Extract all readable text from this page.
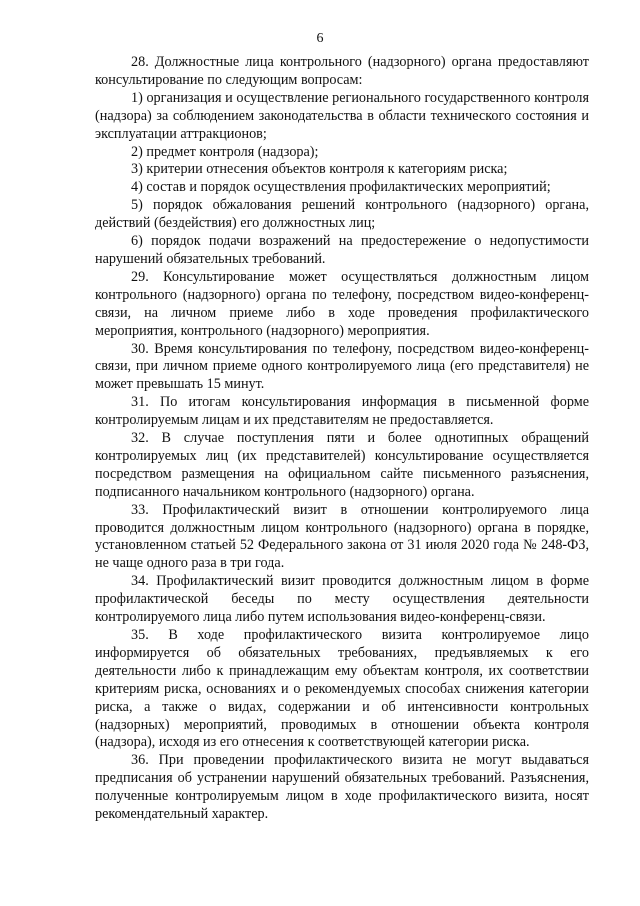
6

28. Должностные лица контрольного (надзорного) органа предоставляют консультирование по следующим вопросам:

1) организация и осуществление регионального государственного контроля (надзора) за соблюдением законодательства в области технического состояния и эксплуатации аттракционов;

2) предмет контроля (надзора);

3) критерии отнесения объектов контроля к категориям риска;

4) состав и порядок осуществления профилактических мероприятий;

5) порядок обжалования решений контрольного (надзорного) органа, действий (бездействия) его должностных лиц;

6) порядок подачи возражений на предостережение о недопустимости нарушений обязательных требований.

29. Консультирование может осуществляться должностным лицом контрольного (надзорного) органа по телефону, посредством видео-конференц-связи, на личном приеме либо в ходе проведения профилактического мероприятия, контрольного (надзорного) мероприятия.

30. Время консультирования по телефону, посредством видео-конференц-связи, при личном приеме одного контролируемого лица (его представителя) не может превышать 15 минут.

31. По итогам консультирования информация в письменной форме контролируемым лицам и их представителям не предоставляется.

32. В случае поступления пяти и более однотипных обращений контролируемых лиц (их представителей) консультирование осуществляется посредством размещения на официальном сайте письменного разъяснения, подписанного начальником контрольного (надзорного) органа.

33. Профилактический визит в отношении контролируемого лица проводится должностным лицом контрольного (надзорного) органа в порядке, установленном статьей 52 Федерального закона от 31 июля 2020 года № 248-ФЗ, не чаще одного раза в три года.

34. Профилактический визит проводится должностным лицом в форме профилактической беседы по месту осуществления деятельности контролируемого лица либо путем использования видео-конференц-связи.

35. В ходе профилактического визита контролируемое лицо информируется об обязательных требованиях, предъявляемых к его деятельности либо к принадлежащим ему объектам контроля, их соответствии критериям риска, основаниях и о рекомендуемых способах снижения категории риска, а также о видах, содержании и об интенсивности контрольных (надзорных) мероприятий, проводимых в отношении объекта контроля (надзора), исходя из его отнесения к соответствующей категории риска.

36. При проведении профилактического визита не могут выдаваться предписания об устранении нарушений обязательных требований. Разъяснения, полученные контролируемым лицом в ходе профилактического визита, носят рекомендательный характер.
